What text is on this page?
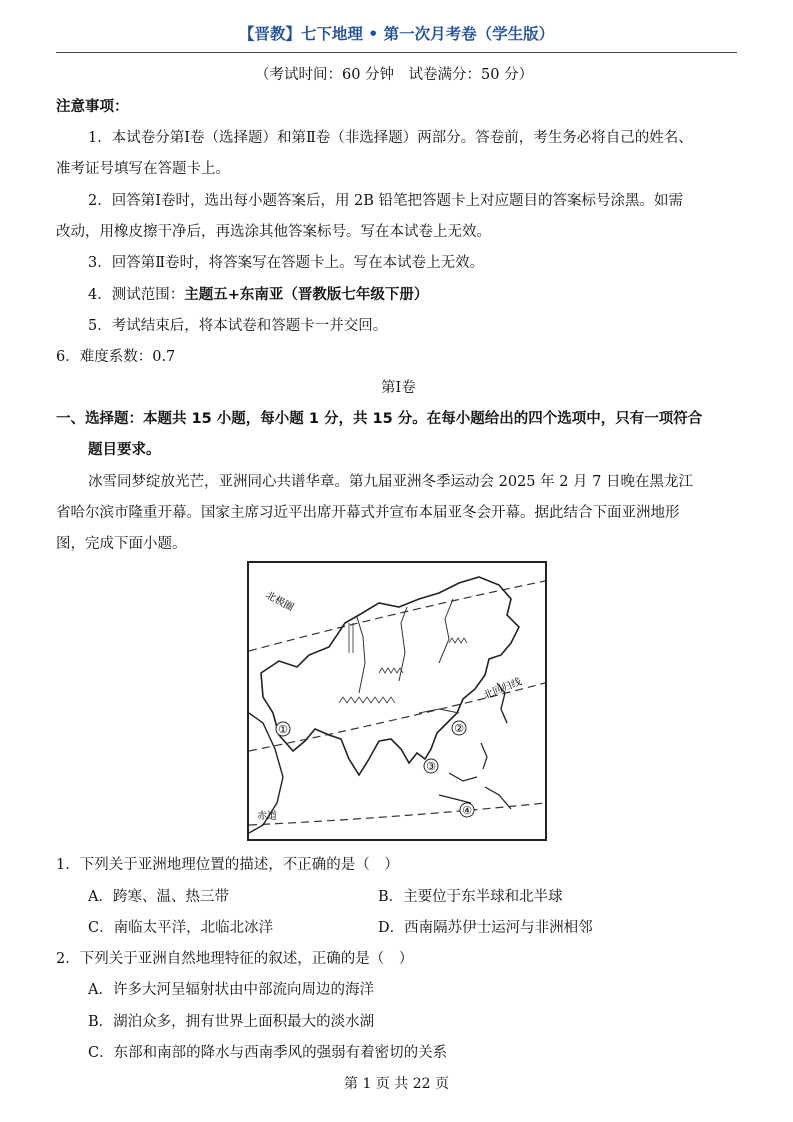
【晋教】七下地理 • 第一次月考卷（学生版）
（考试时间：60 分钟　试卷满分：50 分）
注意事项：
1．本试卷分第Ⅰ卷（选择题）和第Ⅱ卷（非选择题）两部分。答卷前，考生务必将自己的姓名、
准考证号填写在答题卡上。
2．回答第Ⅰ卷时，选出每小题答案后，用 2B 铅笔把答题卡上对应题目的答案标号涂黑。如需
改动，用橡皮擦干净后，再选涂其他答案标号。写在本试卷上无效。
3．回答第Ⅱ卷时，将答案写在答题卡上。写在本试卷上无效。
4．测试范围：主题五+东南亚（晋教版七年级下册）
5．考试结束后，将本试卷和答题卡一并交回。
6．难度系数：0.7
第Ⅰ卷
一、选择题：本题共 15 小题，每小题 1 分，共 15 分。在每小题给出的四个选项中，只有一项符合
题目要求。
冰雪同梦绽放光芒，亚洲同心共谱华章。第九届亚洲冬季运动会 2025 年 2 月 7 日晚在黑龙江
省哈尔滨市隆重开幕。国家主席习近平出席开幕式并宣布本届亚冬会开幕。据此结合下面亚洲地形
图，完成下面小题。
北极圈
北回归线
赤道
①	②
③
④
1．下列关于亚洲地理位置的描述，不正确的是（　）
A．跨寒、温、热三带	B．主要位于东半球和北半球
C．南临太平洋，北临北冰洋	D．西南隔苏伊士运河与非洲相邻
2．下列关于亚洲自然地理特征的叙述，正确的是（　）
A．许多大河呈辐射状由中部流向周边的海洋
B．湖泊众多，拥有世界上面积最大的淡水湖
C．东部和南部的降水与西南季风的强弱有着密切的关系
第 1 页 共 22 页
